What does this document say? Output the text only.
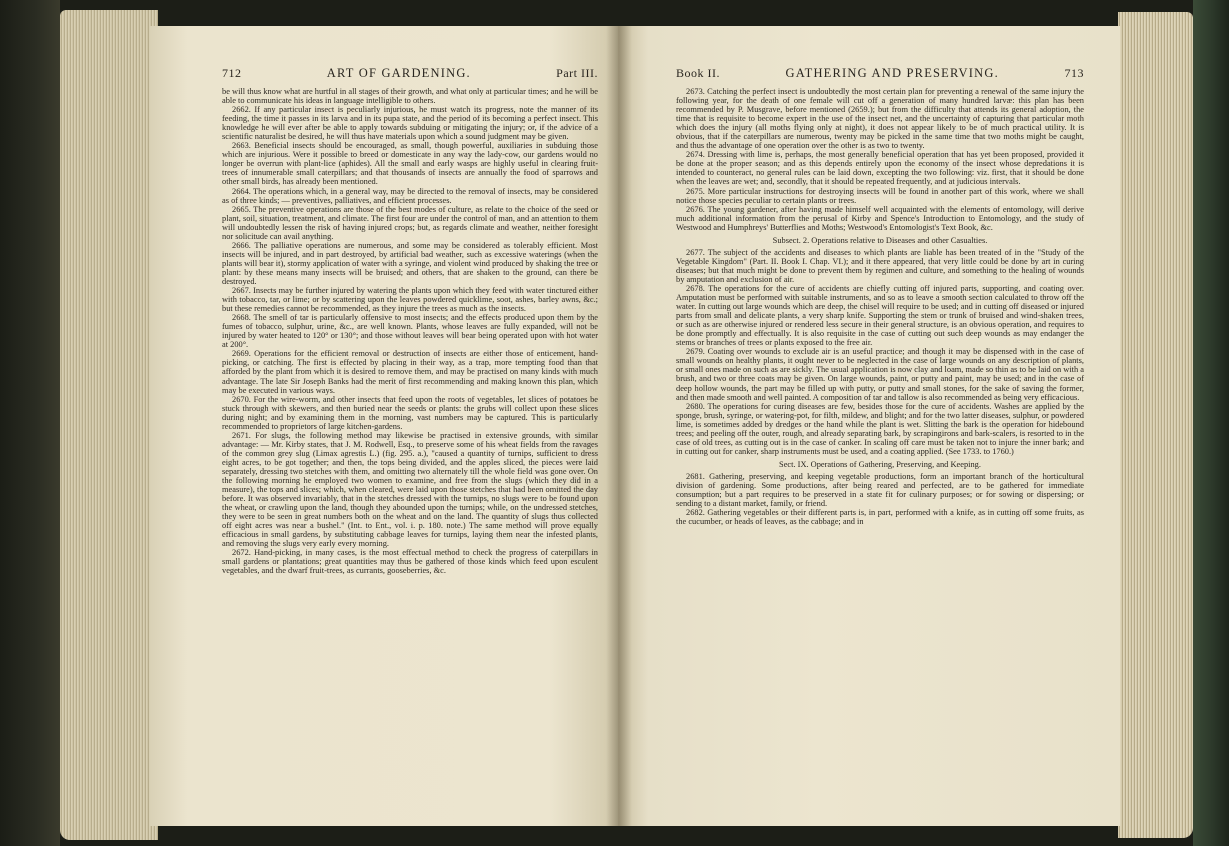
712	ART OF GARDENING.	Part III.

be will thus know what are hurtful in all stages of their growth, and what only at particular times; and he will be able to communicate his ideas in language intelligible to others.

2662. If any particular insect is peculiarly injurious, he must watch its progress, note the manner of its feeding, the time it passes in its larva and in its pupa state, and the period of its becoming a perfect insect. This knowledge he will ever after be able to apply towards subduing or mitigating the injury; or, if the advice of a scientific naturalist be desired, he will thus have materials upon which a sound judgment may be given.

2663. Beneficial insects should be encouraged, as small, though powerful, auxiliaries in subduing those which are injurious. Were it possible to breed or domesticate in any way the lady-cow, our gardens would no longer be overrun with plant-lice (aphides). All the small and early wasps are highly useful in clearing fruit-trees of innumerable small caterpillars; and that thousands of insects are annually the food of sparrows and other small birds, has already been mentioned.

2664. The operations which, in a general way, may be directed to the removal of insects, may be considered as of three kinds; — preventives, palliatives, and efficient processes.

2665. The preventive operations are those of the best modes of culture, as relate to the choice of the seed or plant, soil, situation, treatment, and climate. The first four are under the control of man, and an attention to them will undoubtedly lessen the risk of having injured crops; but, as regards climate and weather, neither foresight nor solicitude can avail anything.

2666. The palliative operations are numerous, and some may be considered as tolerably efficient. Most insects will be injured, and in part destroyed, by artificial bad weather, such as excessive waterings (when the plants will bear it), stormy application of water with a syringe, and violent wind produced by shaking the tree or plant: by these means many insects will be bruised; and others, that are shaken to the ground, can there be destroyed.

2667. Insects may be further injured by watering the plants upon which they feed with water tinctured either with tobacco, tar, or lime; or by scattering upon the leaves powdered quicklime, soot, ashes, barley awns, &c.; but these remedies cannot be recommended, as they injure the trees as much as the insects.

2668. The smell of tar is particularly offensive to most insects; and the effects produced upon them by the fumes of tobacco, sulphur, urine, &c., are well known. Plants, whose leaves are fully expanded, will not be injured by water heated to 120° or 130°; and those without leaves will bear being operated upon with hot water at 200°.

2669. Operations for the efficient removal or destruction of insects are either those of enticement, hand-picking, or catching. The first is effected by placing in their way, as a trap, more tempting food than that afforded by the plant from which it is desired to remove them, and may be practised on many kinds with much advantage. The late Sir Joseph Banks had the merit of first recommending and making known this plan, which may be executed in various ways.

2670. For the wire-worm, and other insects that feed upon the roots of vegetables, let slices of potatoes be stuck through with skewers, and then buried near the seeds or plants: the grubs will collect upon these slices during night; and by examining them in the morning, vast numbers may be captured. This is particularly recommended to proprietors of large kitchen-gardens.

2671. For slugs, the following method may likewise be practised in extensive grounds, with similar advantage: — Mr. Kirby states, that J. M. Rodwell, Esq., to preserve some of his wheat fields from the ravages of the common grey slug (Limax agrestis L.) (fig. 295. a.), "caused a quantity of turnips, sufficient to dress eight acres, to be got together; and then, the tops being divided, and the apples sliced, the pieces were laid separately, dressing two stetches with them, and omitting two alternately till the whole field was gone over. On the following morning he employed two women to examine, and free from the slugs (which they did in a measure), the tops and slices; which, when cleared, were laid upon those stetches that had been omitted the day before. It was observed invariably, that in the stetches dressed with the turnips, no slugs were to be found upon the wheat, or crawling upon the land, though they abounded upon the turnips; while, on the undressed stetches, they were to be seen in great numbers both on the wheat and on the land. The quantity of slugs thus collected off eight acres was near a bushel." (Int. to Ent., vol. i. p. 180. note.) The same method will prove equally efficacious in small gardens, by substituting cabbage leaves for turnips, laying them near the infested plants, and removing the slugs very early every morning.

2672. Hand-picking, in many cases, is the most effectual method to check the progress of caterpillars in small gardens or plantations; great quantities may thus be gathered of those kinds which feed upon esculent vegetables, and the dwarf fruit-trees, as currants, gooseberries, &c.

Book II.	GATHERING AND PRESERVING.	713

2673. Catching the perfect insect is undoubtedly the most certain plan for preventing a renewal of the same injury the following year, for the death of one female will cut off a generation of many hundred larvæ: this plan has been recommended by P. Musgrave, before mentioned (2659.); but from the difficulty that attends its general adoption, the time that is requisite to become expert in the use of the insect net, and the uncertainty of capturing that particular moth which does the injury (all moths flying only at night), it does not appear likely to be of much practical utility. It is obvious, that if the caterpillars are numerous, twenty may be picked in the same time that two moths might be caught, and thus the advantage of one operation over the other is as two to twenty.

2674. Dressing with lime is, perhaps, the most generally beneficial operation that has yet been proposed, provided it be done at the proper season; and as this depends entirely upon the economy of the insect whose depredations it is intended to counteract, no general rules can be laid down, excepting the two following: viz. first, that it should be done when the leaves are wet; and, secondly, that it should be repeated frequently, and at judicious intervals.

2675. More particular instructions for destroying insects will be found in another part of this work, where we shall notice those species peculiar to certain plants or trees.

2676. The young gardener, after having made himself well acquainted with the elements of entomology, will derive much additional information from the perusal of Kirby and Spence's Introduction to Entomology, and the study of Westwood and Humphreys' Butterflies and Moths; Westwood's Entomologist's Text Book, &c.

Subsect. 2. Operations relative to Diseases and other Casualties.

2677. The subject of the accidents and diseases to which plants are liable has been treated of in the "Study of the Vegetable Kingdom" (Part. II. Book I. Chap. VI.); and it there appeared, that very little could be done by art in curing diseases; but that much might be done to prevent them by regimen and culture, and something to the healing of wounds by amputation and exclusion of air.

2678. The operations for the cure of accidents are chiefly cutting off injured parts, supporting, and coating over. Amputation must be performed with suitable instruments, and so as to leave a smooth section calculated to throw off the water. In cutting out large wounds which are deep, the chisel will require to be used; and in cutting off diseased or injured parts from small and delicate plants, a very sharp knife. Supporting the stem or trunk of bruised and wind-shaken trees, or such as are otherwise injured or rendered less secure in their general structure, is an obvious operation, and requires to be done promptly and effectually. It is also requisite in the case of cutting out such deep wounds as may endanger the stems or branches of trees or plants exposed to the free air.

2679. Coating over wounds to exclude air is an useful practice; and though it may be dispensed with in the case of small wounds on healthy plants, it ought never to be neglected in the case of large wounds on any description of plants, or small ones made on such as are sickly. The usual application is now clay and loam, made so thin as to be laid on with a brush, and two or three coats may be given. On large wounds, paint, or putty and paint, may be used; and in the case of deep hollow wounds, the part may be filled up with putty, or putty and small stones, for the sake of saving the former, and then made smooth and well painted. A composition of tar and tallow is also recommended as being very efficacious.

2680. The operations for curing diseases are few, besides those for the cure of accidents. Washes are applied by the sponge, brush, syringe, or watering-pot, for filth, mildew, and blight; and for the two latter diseases, sulphur, or powdered lime, is sometimes added by dredges or the hand while the plant is wet. Slitting the bark is the operation for hidebound trees; and peeling off the outer, rough, and already separating bark, by scrapingirons and bark-scalers, is resorted to in the case of old trees, as cutting out is in the case of canker. In scaling off care must be taken not to injure the inner bark; and in cutting out for canker, sharp instruments must be used, and a coating applied. (See 1733. to 1760.)

Sect. IX. Operations of Gathering, Preserving, and Keeping.

2681. Gathering, preserving, and keeping vegetable productions, form an important branch of the horticultural division of gardening. Some productions, after being reared and perfected, are to be gathered for immediate consumption; but a part requires to be preserved in a state fit for culinary purposes; or for sowing or dispersing; or sending to a distant market, family, or friend.

2682. Gathering vegetables or their different parts is, in part, performed with a knife, as in cutting off some fruits, as the cucumber, or heads of leaves, as the cabbage; and in
